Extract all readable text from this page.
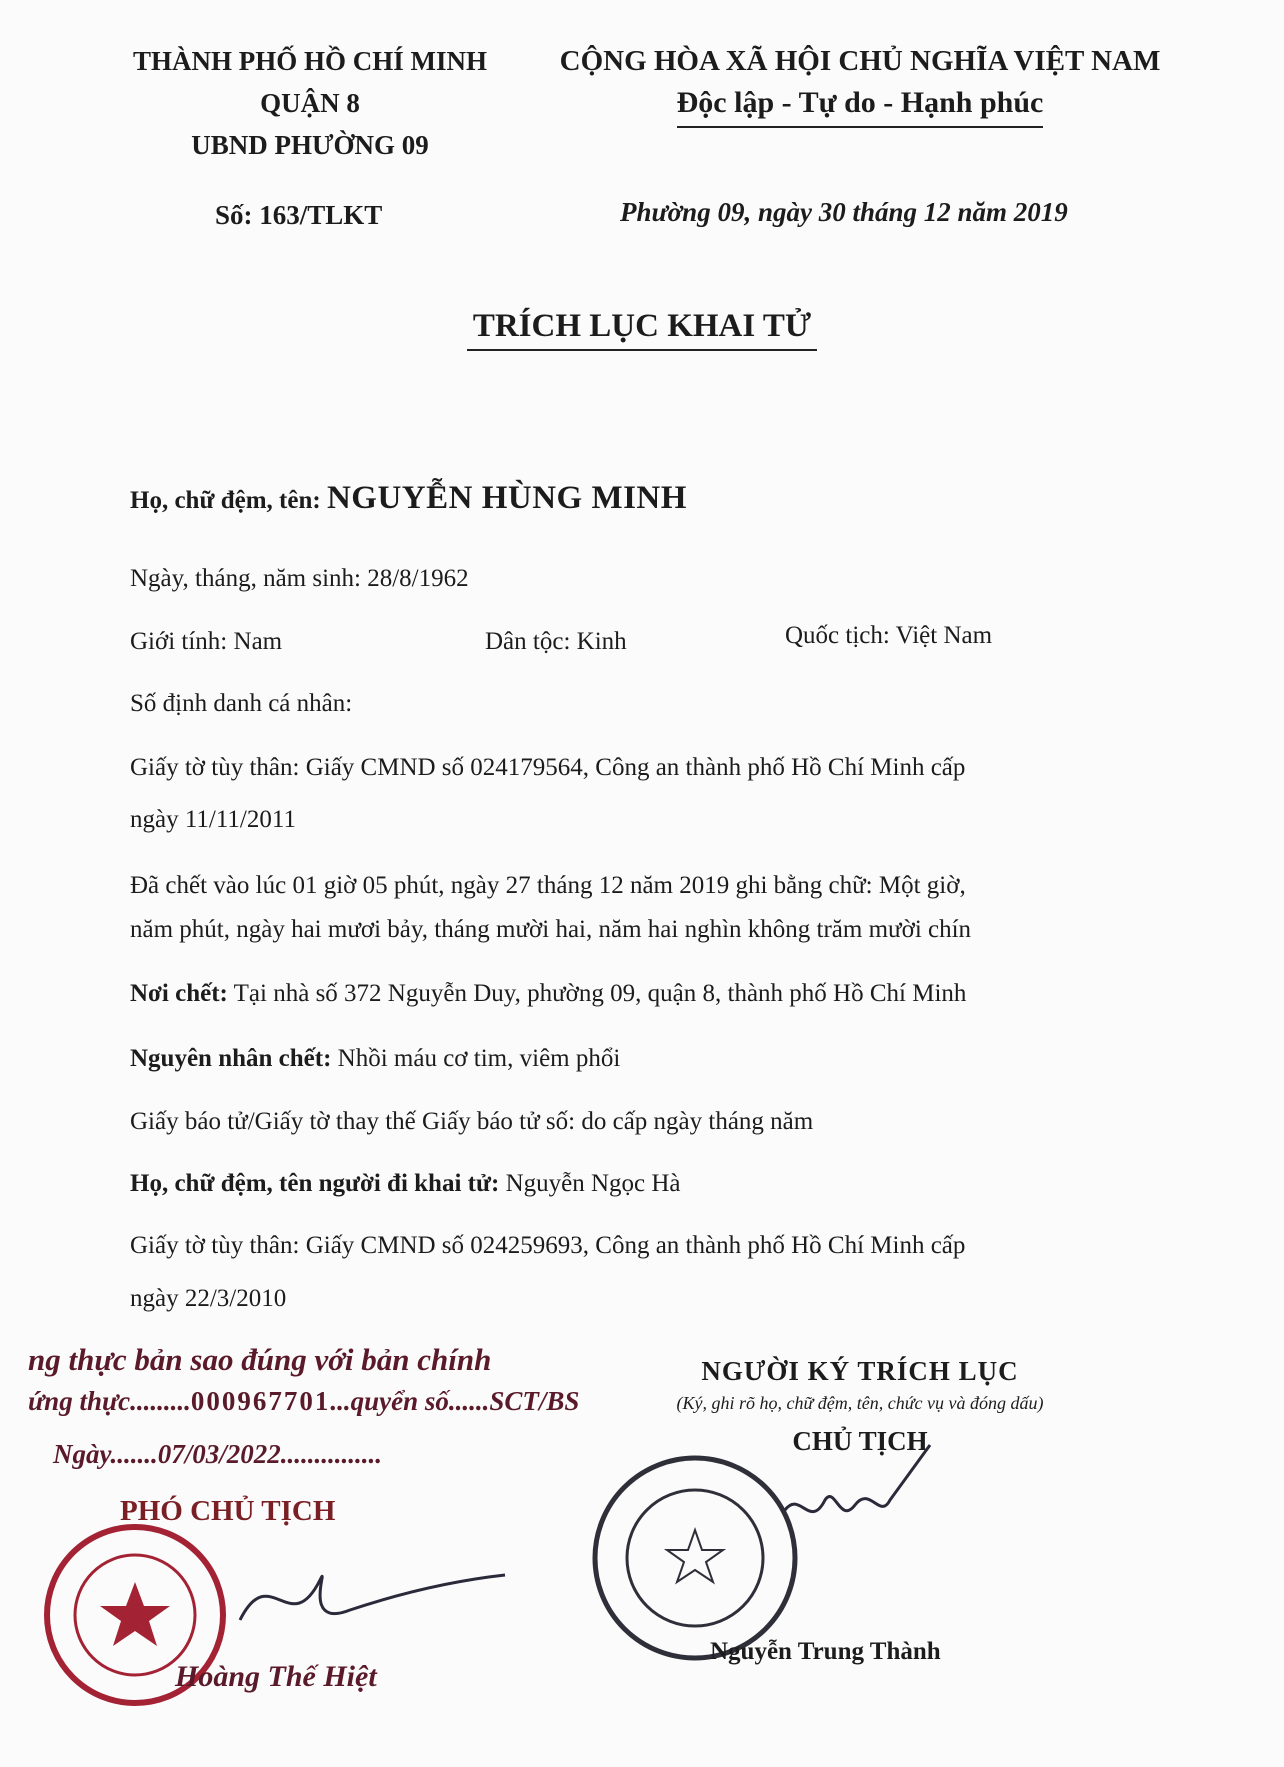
THÀNH PHỐ HỒ CHÍ MINH
QUẬN 8
UBND PHƯỜNG 09
CỘNG HÒA XÃ HỘI CHỦ NGHĨA VIỆT NAM
Độc lập - Tự do - Hạnh phúc
Số: 163/TLKT	Phường 09, ngày 30 tháng 12 năm 2019
TRÍCH LỤC KHAI TỬ
Họ, chữ đệm, tên: NGUYỄN HÙNG MINH
Ngày, tháng, năm sinh: 28/8/1962
Giới tính: Nam	Dân tộc: Kinh	Quốc tịch: Việt Nam
Số định danh cá nhân:
Giấy tờ tùy thân: Giấy CMND số 024179564, Công an thành phố Hồ Chí Minh cấp
ngày 11/11/2011
Đã chết vào lúc 01 giờ 05 phút, ngày 27 tháng 12 năm 2019 ghi bằng chữ: Một giờ,
năm phút, ngày hai mươi bảy, tháng mười hai, năm hai nghìn không trăm mười chín
Nơi chết: Tại nhà số 372 Nguyễn Duy, phường 09, quận 8, thành phố Hồ Chí Minh
Nguyên nhân chết: Nhồi máu cơ tim, viêm phổi
Giấy báo tử/Giấy tờ thay thế Giấy báo tử số: do cấp ngày tháng năm
Họ, chữ đệm, tên người đi khai tử: Nguyễn Ngọc Hà
Giấy tờ tùy thân: Giấy CMND số 024259693, Công an thành phố Hồ Chí Minh cấp
ngày 22/3/2010
ng thực bản sao đúng với bản chính
ứng thực.........000967701...quyển số......SCT/BS
Ngày.......07/03/2022...............
PHÓ CHỦ TỊCH
Hoàng Thế Hiệt
NGƯỜI KÝ TRÍCH LỤC
(Ký, ghi rõ họ, chữ đệm, tên, chức vụ và đóng dấu)
CHỦ TỊCH
Nguyễn Trung Thành
